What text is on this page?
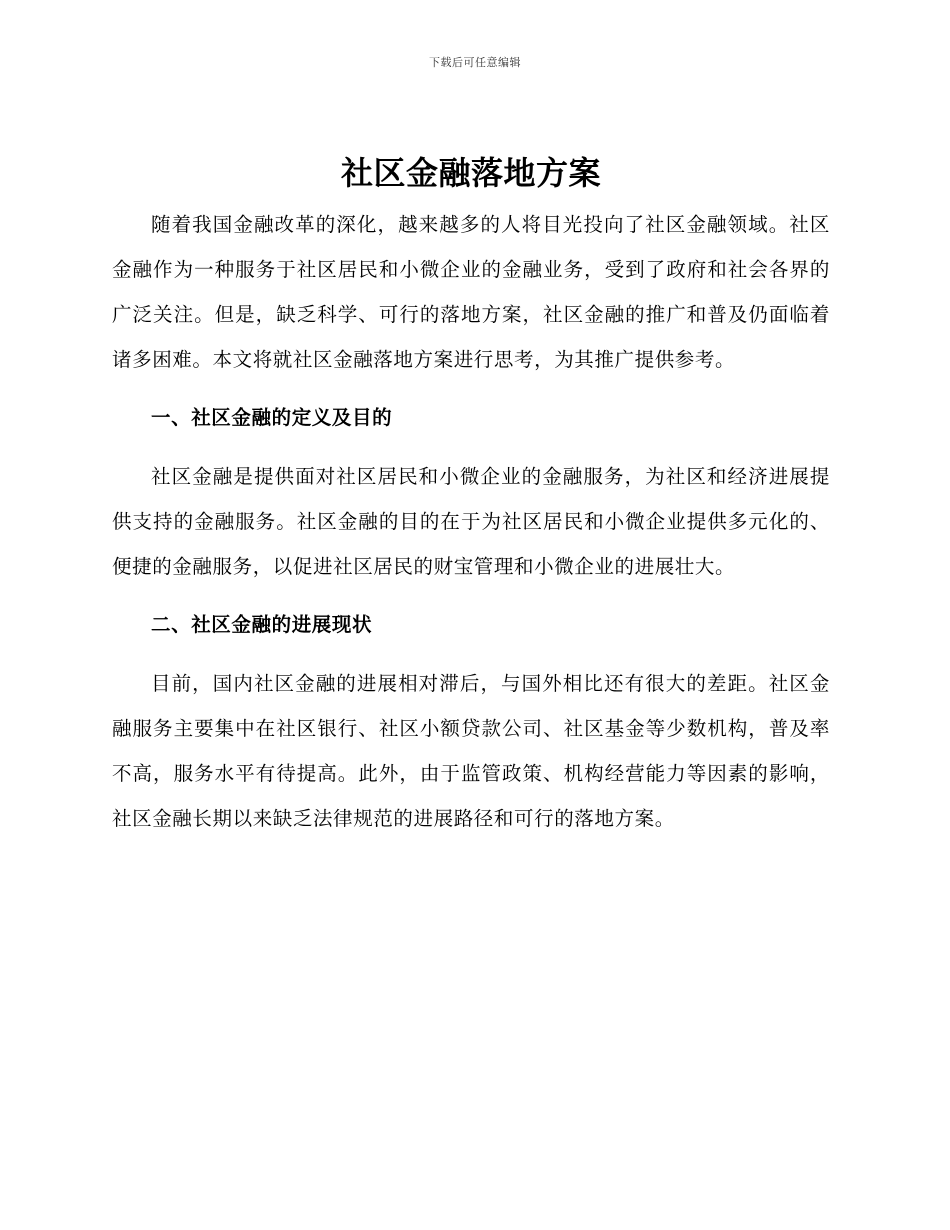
下载后可任意编辑
社区金融落地方案

随着我国金融改革的深化，越来越多的人将目光投向了社区金融领域。社区金融作为一种服务于社区居民和小微企业的金融业务，受到了政府和社会各界的广泛关注。但是，缺乏科学、可行的落地方案，社区金融的推广和普及仍面临着诸多困难。本文将就社区金融落地方案进行思考，为其推广提供参考。

一、社区金融的定义及目的

社区金融是提供面对社区居民和小微企业的金融服务，为社区和经济进展提供支持的金融服务。社区金融的目的在于为社区居民和小微企业提供多元化的、便捷的金融服务，以促进社区居民的财宝管理和小微企业的进展壮大。

二、社区金融的进展现状

目前，国内社区金融的进展相对滞后，与国外相比还有很大的差距。社区金融服务主要集中在社区银行、社区小额贷款公司、社区基金等少数机构，普及率不高，服务水平有待提高。此外，由于监管政策、机构经营能力等因素的影响，社区金融长期以来缺乏法律规范的进展路径和可行的落地方案。
